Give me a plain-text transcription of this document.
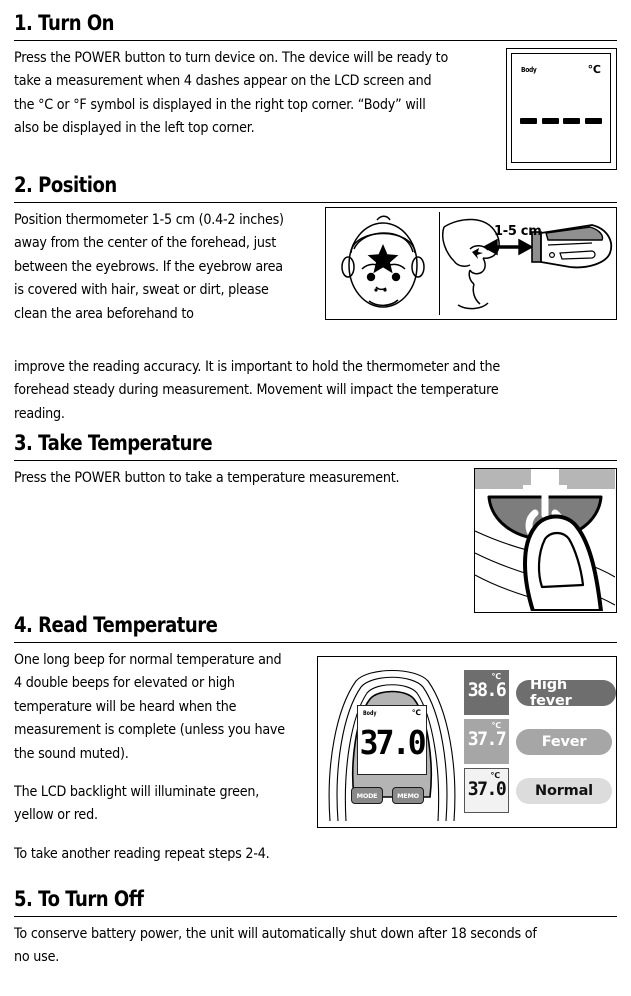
1. Turn On

Press the POWER button to turn device on. The device will be ready to take a measurement when 4 dashes appear on the LCD screen and the °C or °F symbol is displayed in the right top corner. “Body” will also be displayed in the left top corner.

Body	℃
2. Position

Position thermometer 1-5 cm (0.4-2 inches) away from the center of the forehead, just between the eyebrows. If the eyebrow area is covered with hair, sweat or dirt, please clean the area beforehand to

improve the reading accuracy. It is important to hold the thermometer and the forehead steady during measurement. Movement will impact the temperature reading.

1-5 cm
3. Take Temperature

Press the POWER button to take a temperature measurement.

4. Read Temperature

One long beep for normal temperature and 4 double beeps for elevated or high temperature will be heard when the measurement is complete (unless you have the sound muted).

The LCD backlight will illuminate green, yellow or red.

To take another reading repeat steps 2-4.

Body	℃
37.0
MODE	MEMO
℃
38.6	High fever
℃
37.7	Fever
℃
37.0	Normal
5. To Turn Off

To conserve battery power, the unit will automatically shut down after 18 seconds of no use.
